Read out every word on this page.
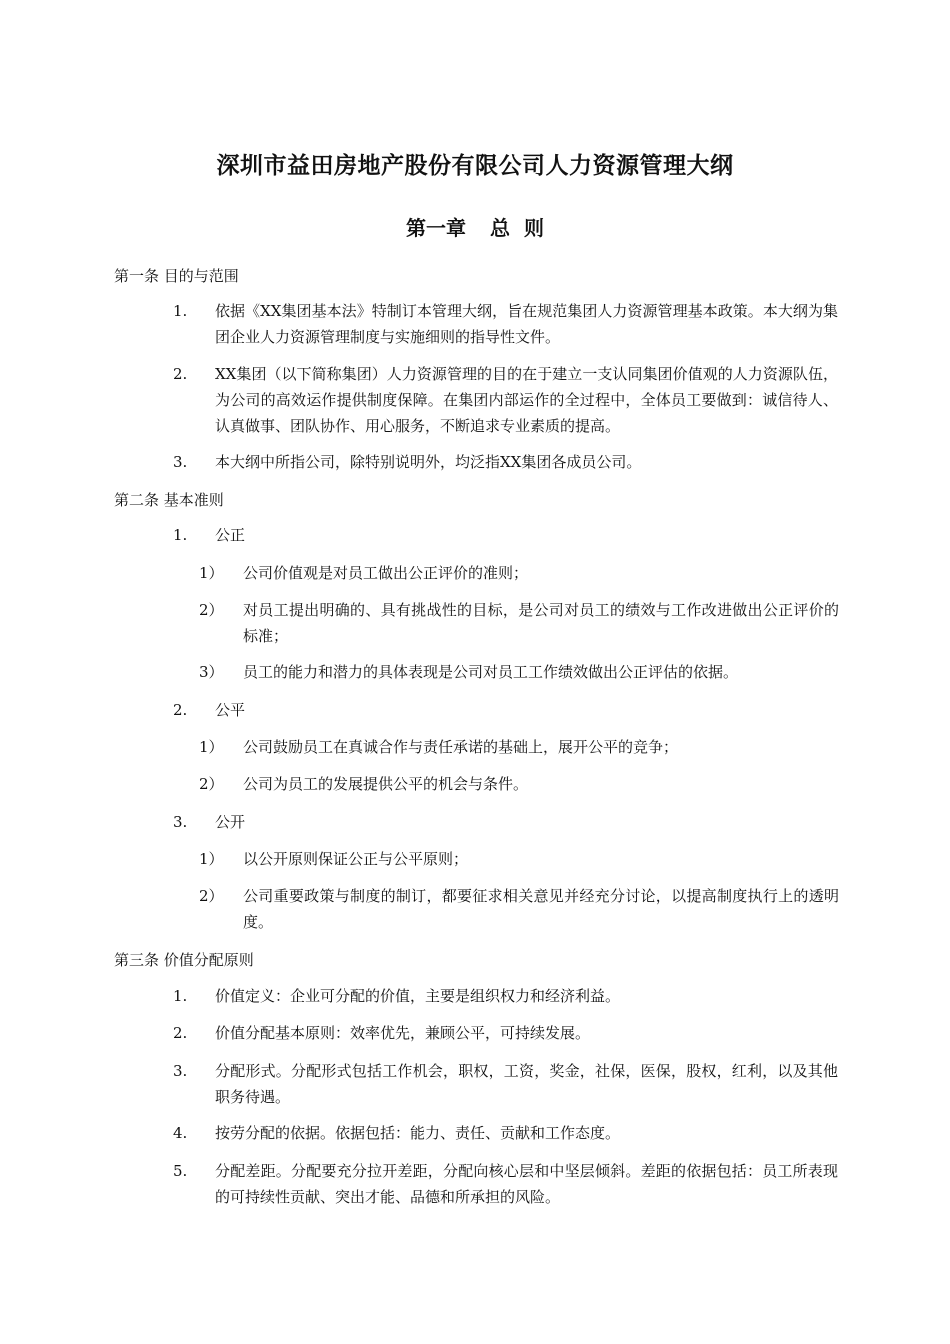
深圳市益田房地产股份有限公司人力资源管理大纲
第一章 总  则
第一条 目的与范围
1.	依据《XX集团基本法》特制订本管理大纲，旨在规范集团人力资源管理基本政策。本大纲为集团企业人力资源管理制度与实施细则的指导性文件。
2.	XX集团（以下简称集团）人力资源管理的目的在于建立一支认同集团价值观的人力资源队伍，为公司的高效运作提供制度保障。在集团内部运作的全过程中，全体员工要做到：诚信待人、认真做事、团队协作、用心服务，不断追求专业素质的提高。
3.	本大纲中所指公司，除特别说明外，均泛指XX集团各成员公司。
第二条 基本准则
1.	公正
1）	公司价值观是对员工做出公正评价的准则；
2）	对员工提出明确的、具有挑战性的目标，是公司对员工的绩效与工作改进做出公正评价的标准；
3）	员工的能力和潜力的具体表现是公司对员工工作绩效做出公正评估的依据。
2.	公平
1）	公司鼓励员工在真诚合作与责任承诺的基础上，展开公平的竞争；
2）	公司为员工的发展提供公平的机会与条件。
3.	公开
1）	以公开原则保证公正与公平原则；
2）	公司重要政策与制度的制订，都要征求相关意见并经充分讨论，以提高制度执行上的透明度。
第三条 价值分配原则
1.	价值定义：企业可分配的价值，主要是组织权力和经济利益。
2.	价值分配基本原则：效率优先，兼顾公平，可持续发展。
3.	分配形式。分配形式包括工作机会，职权，工资，奖金，社保，医保，股权，红利，以及其他职务待遇。
4.	按劳分配的依据。依据包括：能力、责任、贡献和工作态度。
5.	分配差距。分配要充分拉开差距，分配向核心层和中坚层倾斜。差距的依据包括：员工所表现的可持续性贡献、突出才能、品德和所承担的风险。
